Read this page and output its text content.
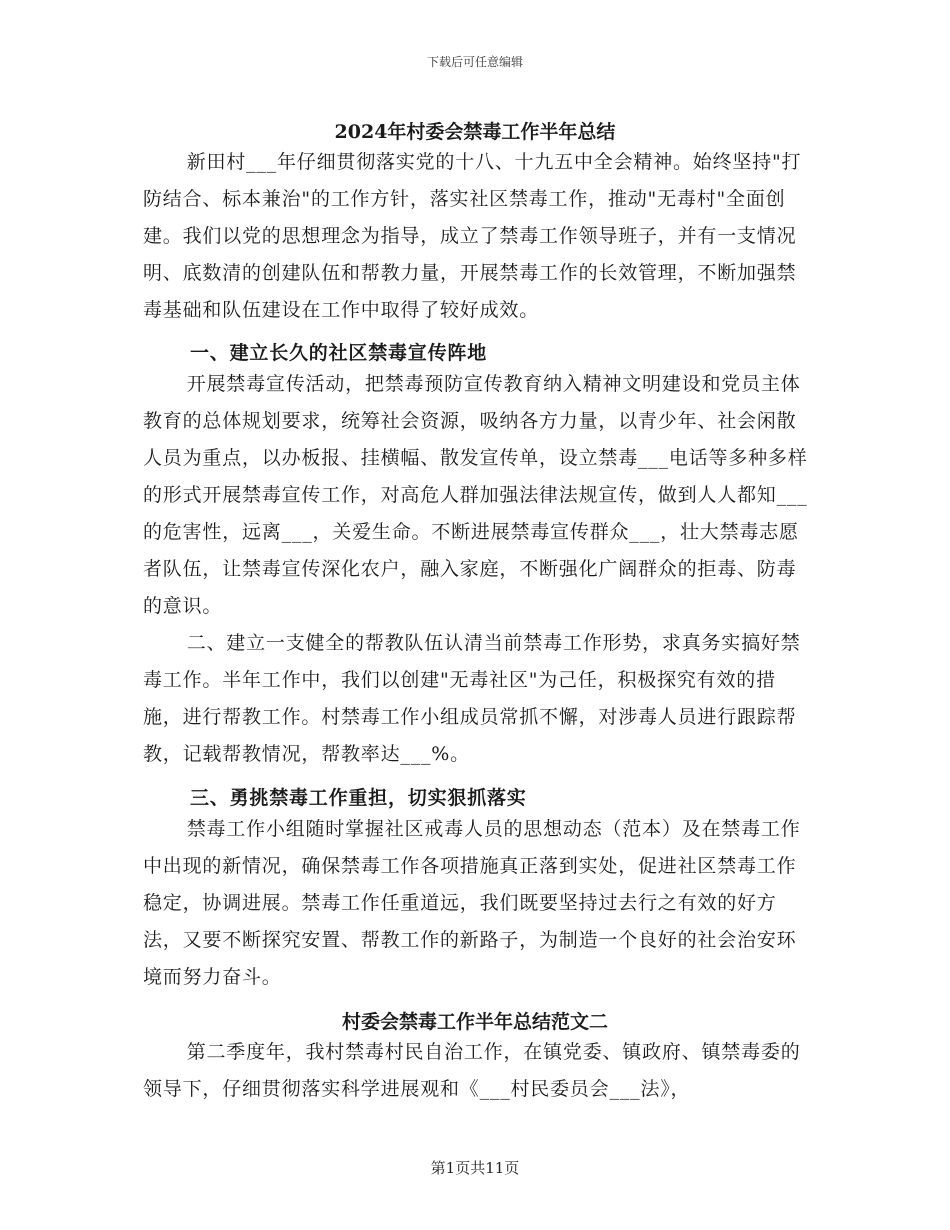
下载后可任意编辑
2024年村委会禁毒工作半年总结

新田村___年仔细贯彻落实党的十八、十九五中全会精神。始终坚持"打防结合、标本兼治"的工作方针，落实社区禁毒工作，推动"无毒村"全面创建。我们以党的思想理念为指导，成立了禁毒工作领导班子，并有一支情况明、底数清的创建队伍和帮教力量，开展禁毒工作的长效管理，不断加强禁毒基础和队伍建设在工作中取得了较好成效。

一、建立长久的社区禁毒宣传阵地

开展禁毒宣传活动，把禁毒预防宣传教育纳入精神文明建设和党员主体教育的总体规划要求，统筹社会资源，吸纳各方力量，以青少年、社会闲散人员为重点，以办板报、挂横幅、散发宣传单，设立禁毒___电话等多种多样的形式开展禁毒宣传工作，对高危人群加强法律法规宣传，做到人人都知___的危害性，远离___，关爱生命。不断进展禁毒宣传群众___，壮大禁毒志愿者队伍，让禁毒宣传深化农户，融入家庭，不断强化广阔群众的拒毒、防毒的意识。

二、建立一支健全的帮教队伍认清当前禁毒工作形势，求真务实搞好禁毒工作。半年工作中，我们以创建"无毒社区"为己任，积极探究有效的措施，进行帮教工作。村禁毒工作小组成员常抓不懈，对涉毒人员进行跟踪帮教，记载帮教情况，帮教率达___%。

三、勇挑禁毒工作重担，切实狠抓落实

禁毒工作小组随时掌握社区戒毒人员的思想动态（范本）及在禁毒工作中出现的新情况，确保禁毒工作各项措施真正落到实处，促进社区禁毒工作稳定，协调进展。禁毒工作任重道远，我们既要坚持过去行之有效的好方法，又要不断探究安置、帮教工作的新路子，为制造一个良好的社会治安环境而努力奋斗。

村委会禁毒工作半年总结范文二

第二季度年，我村禁毒村民自治工作，在镇党委、镇政府、镇禁毒委的领导下，仔细贯彻落实科学进展观和《___村民委员会___法》，

第1页共11页
